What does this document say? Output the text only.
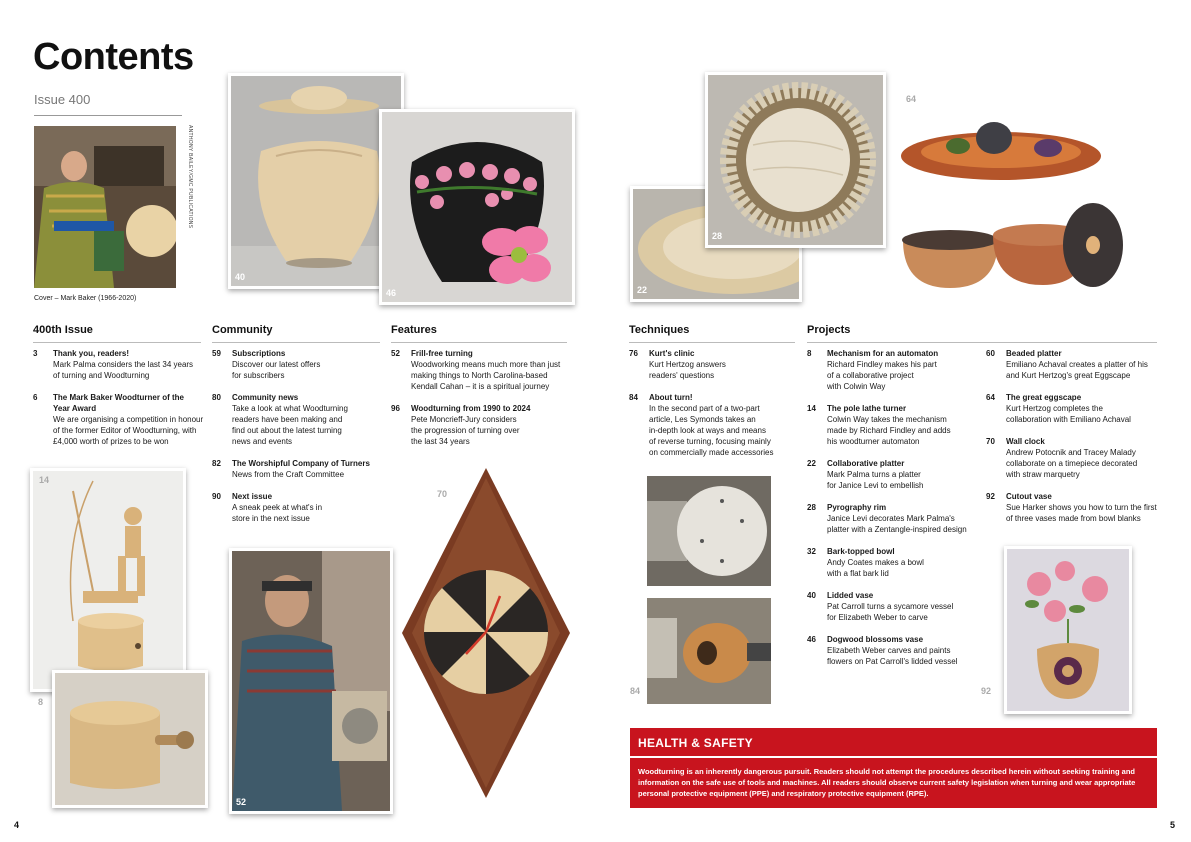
Contents
Issue 400
ANTHONY BAILEY/GMC PUBLICATIONS
Cover – Mark Baker (1966-2020)
40
46	22
28
64
400th Issue
3 Thank you, readers!
Mark Palma considers the last 34 years
of turning and Woodturning
6 The Mark Baker Woodturner of the
Year Award
We are organising a competition in honour
of the former Editor of Woodturning, with
£4,000 worth of prizes to be won
Community
59 Subscriptions
Discover our latest offers
for subscribers
80 Community news
Take a look at what Woodturning
readers have been making and
find out about the latest turning
news and events
82 The Worshipful Company of Turners
News from the Craft Committee
90 Next issue
A sneak peek at what's in
store in the next issue
Features
52 Frill-free turning
Woodworking means much more than just
making things to North Carolina-based
Kendall Cahan – it is a spiritual journey
96 Woodturning from 1990 to 2024
Pete Moncrieff-Jury considers
the progression of turning over
the last 34 years
14
8
52
70
Techniques
76 Kurt's clinic
Kurt Hertzog answers
readers' questions
84 About turn!
In the second part of a two-part
article, Les Symonds takes an
in-depth look at ways and means
of reverse turning, focusing mainly
on commercially made accessories
84
Projects
8 Mechanism for an automaton
Richard Findley makes his part
of a collaborative project
with Colwin Way
14 The pole lathe turner
Colwin Way takes the mechanism
made by Richard Findley and adds
his woodturner automaton
22 Collaborative platter
Mark Palma turns a platter
for Janice Levi to embellish
28 Pyrography rim
Janice Levi decorates Mark Palma's
platter with a Zentangle-inspired design
32 Bark-topped bowl
Andy Coates makes a bowl
with a flat bark lid
40 Lidded vase
Pat Carroll turns a sycamore vessel
for Elizabeth Weber to carve
46 Dogwood blossoms vase
Elizabeth Weber carves and paints
flowers on Pat Carroll's lidded vessel
60 Beaded platter
Emiliano Achaval creates a platter of his
and Kurt Hertzog's great Eggscape
64 The great eggscape
Kurt Hertzog completes the
collaboration with Emiliano Achaval
70 Wall clock
Andrew Potocnik and Tracey Malady
collaborate on a timepiece decorated
with straw marquetry
92 Cutout vase
Sue Harker shows you how to turn the first
of three vases made from bowl blanks
92
HEALTH & SAFETY
Woodturning is an inherently dangerous pursuit. Readers should not attempt the procedures described herein without seeking training and information on the safe use of tools and machines. All readers should observe current safety legislation when turning and wear appropriate personal protective equipment (PPE) and respiratory protective equipment (RPE).
4	5
